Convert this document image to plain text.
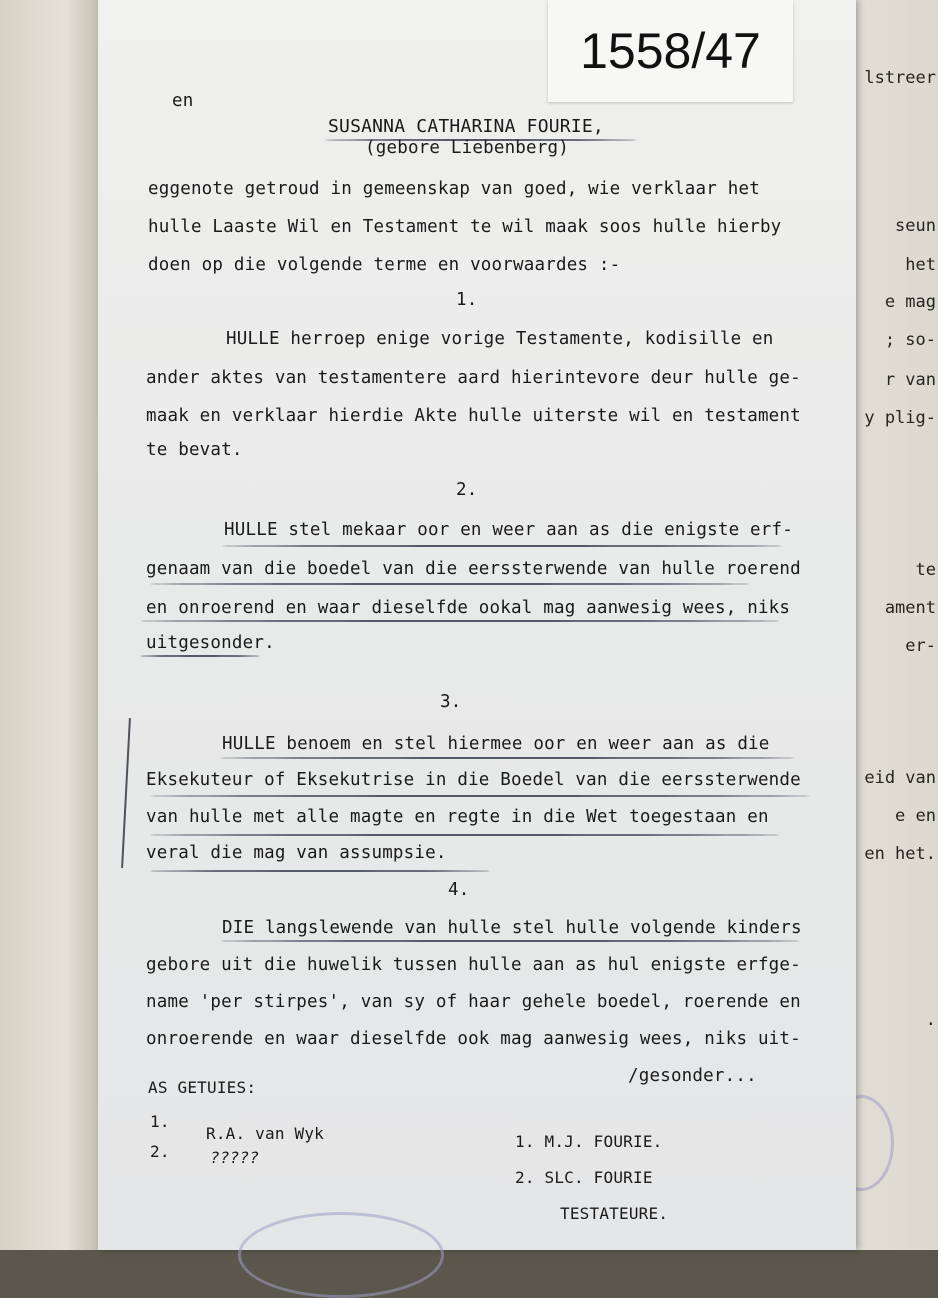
lstreer
seun
het
e mag
; so-
r van
y plig-
te
ament
er-
eid van
e en
en het.
.
1558/47
en
SUSANNA CATHARINA FOURIE,
(gebore Liebenberg)
eggenote getroud in gemeenskap van goed, wie verklaar het
hulle Laaste Wil en Testament te wil maak soos hulle hierby
doen op die volgende terme en voorwaardes :-
1.
HULLE herroep enige vorige Testamente, kodisille en
ander aktes van testamentere aard hierintevore deur hulle ge-
maak en verklaar hierdie Akte hulle uiterste wil en testament
te bevat.
2.
HULLE stel mekaar oor en weer aan as die enigste erf-
genaam van die boedel van die eerssterwende van hulle roerend
en onroerend en waar dieselfde ookal mag aanwesig wees, niks
uitgesonder.
3.
HULLE benoem en stel hiermee oor en weer aan as die
Eksekuteur of Eksekutrise in die Boedel van die eerssterwende
van hulle met alle magte en regte in die Wet toegestaan en
veral die mag van assumpsie.
4.
DIE langslewende van hulle stel hulle volgende kinders
gebore uit die huwelik tussen hulle aan as hul enigste erfge-
name 'per stirpes', van sy of haar gehele boedel, roerende en
onroerende en waar dieselfde ook mag aanwesig wees, niks uit-
/gesonder...
AS GETUIES:
1.
R.A. van Wyk
2.	?????
1. M.J. FOURIE.
2. SLC. FOURIE
TESTATEURE.
